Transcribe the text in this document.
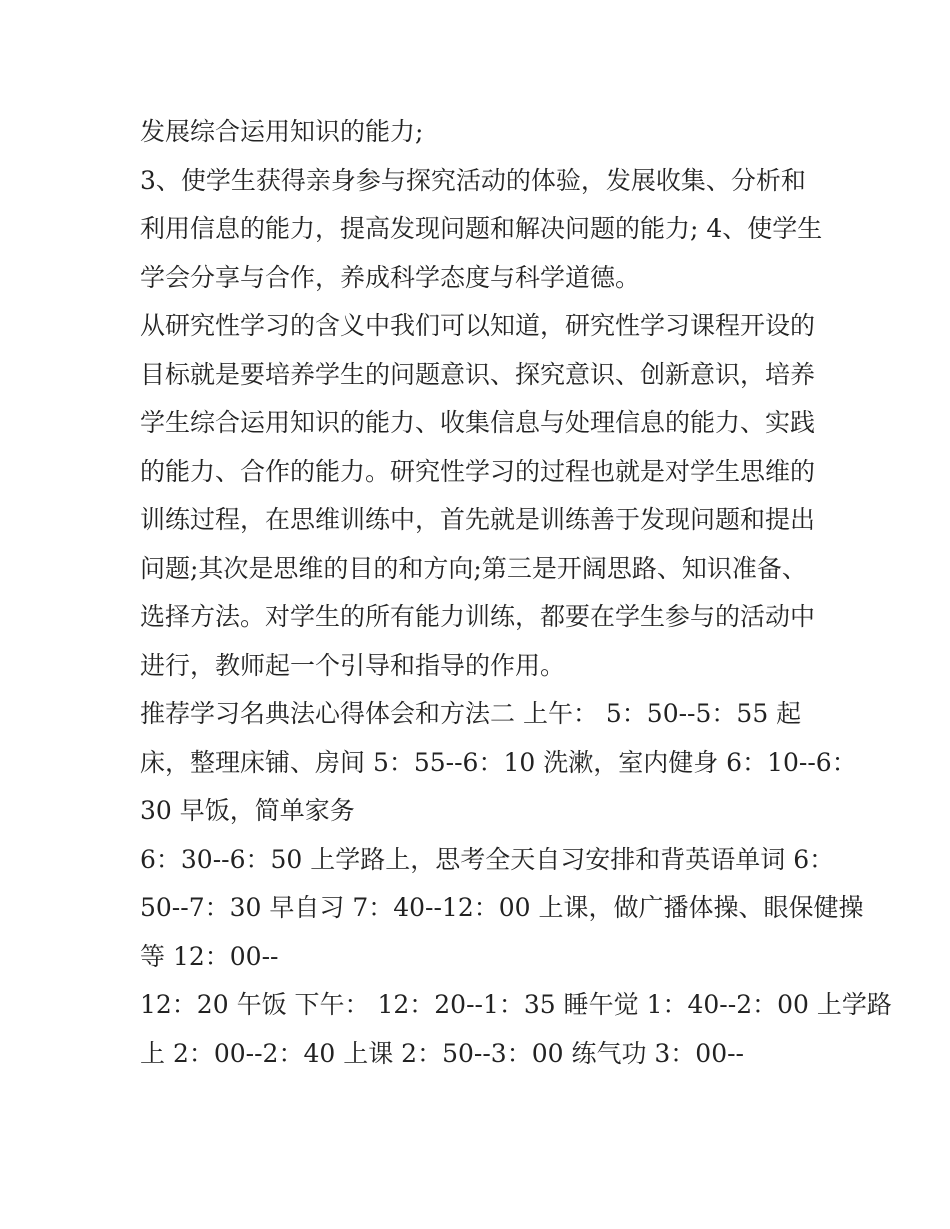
发展综合运用知识的能力;
3、使学生获得亲身参与探究活动的体验，发展收集、分析和
利用信息的能力，提高发现问题和解决问题的能力; 4、使学生
学会分享与合作，养成科学态度与科学道德。
从研究性学习的含义中我们可以知道，研究性学习课程开设的
目标就是要培养学生的问题意识、探究意识、创新意识，培养
学生综合运用知识的能力、收集信息与处理信息的能力、实践
的能力、合作的能力。研究性学习的过程也就是对学生思维的
训练过程，在思维训练中，首先就是训练善于发现问题和提出
问题;其次是思维的目的和方向;第三是开阔思路、知识准备、
选择方法。对学生的所有能力训练，都要在学生参与的活动中
进行，教师起一个引导和指导的作用。
推荐学习名典法心得体会和方法二 上午： 5：50--5：55 起
床，整理床铺、房间 5：55--6：10 洗漱，室内健身 6：10--6：
30 早饭，简单家务
6：30--6：50 上学路上，思考全天自习安排和背英语单词 6：
50--7：30 早自习 7：40--12：00 上课，做广播体操、眼保健操
等 12：00--
12：20 午饭 下午： 12：20--1：35 睡午觉 1：40--2：00 上学路
上 2：00--2：40 上课 2：50--3：00 练气功 3：00--
